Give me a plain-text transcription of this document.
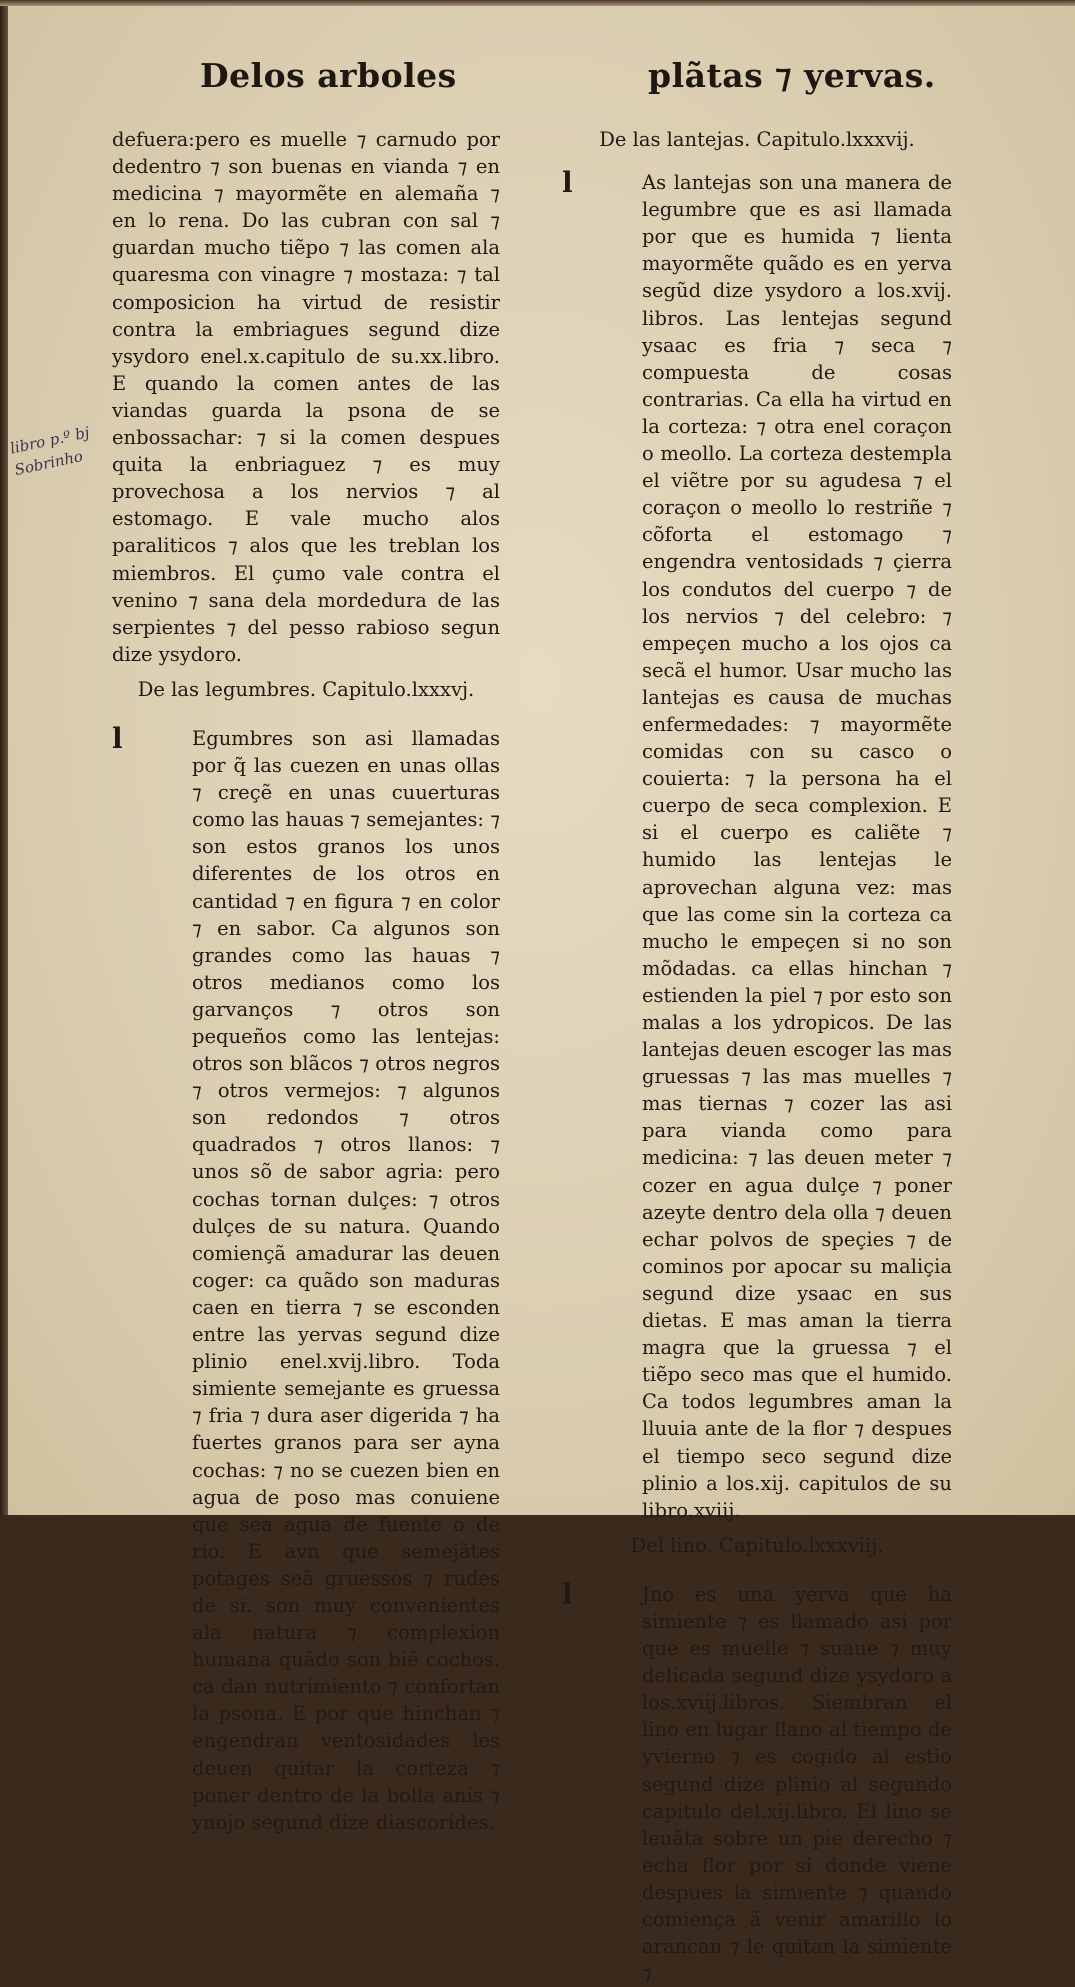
Delos arboles	plãtas ⁊ yervas.
libro p.º bj Sobrinho

defuera:pero es muelle ⁊ carnudo por dedentro ⁊ son buenas en vianda ⁊ en medicina ⁊ mayormẽte en alemaña ⁊ en lo rena. Do las cubran con sal ⁊ guardan mucho tiẽpo ⁊ las comen ala quaresma con vinagre ⁊ mostaza: ⁊ tal composicion ha virtud de resistir contra la embriagues segund dize ysydoro enel.x.capitulo de su.xx.libro. E quando la comen antes de las viandas guarda la psona de se enbossachar: ⁊ si la comen despues quita la enbriaguez ⁊ es muy provechosa a los nervios ⁊ al estomago. E vale mucho alos paraliticos ⁊ alos que les treblan los miembros. El çumo vale contra el venino ⁊ sana dela mordedura de las serpientes ⁊ del pesso rabioso segun dize ysydoro.

De las legumbres. Capitulo.lxxxvj.

l	Egumbres son asi llamadas por q̃ las cuezen en unas ollas ⁊ creçẽ en unas cuuerturas como las hauas ⁊ semejantes: ⁊ son estos granos los unos diferentes de los otros en cantidad ⁊ en figura ⁊ en color ⁊ en sabor. Ca algunos son grandes como las hauas ⁊ otros medianos como los garvanços ⁊ otros son pequeños como las lentejas: otros son blãcos ⁊ otros negros ⁊ otros vermejos: ⁊ algunos son redondos ⁊ otros quadrados ⁊ otros llanos: ⁊ unos sõ de sabor agria: pero cochas tornan dulçes: ⁊ otros dulçes de su natura. Quando comiençã amadurar las deuen coger: ca quãdo son maduras caen en tierra ⁊ se esconden entre las yervas segund dize plinio enel.xvij.libro. Toda simiente semejante es gruessa ⁊ fria ⁊ dura aser digerida ⁊ ha fuertes granos para ser ayna cochas: ⁊ no se cuezen bien en agua de poso mas conuiene que sea agua de fuente o de rio. E avn que semejãtes potages seã gruessos ⁊ rudes de si. son muy convenientes ala natura ⁊ complexion humana quãdo son biẽ cochos. ca dan nutrimiento ⁊ confortan la psona. E por que hinchan ⁊ engendran ventosidades les deuen quitar la corteza ⁊ poner dentro de la bolla anis ⁊ ynojo segund dize diascorides.

De las lantejas. Capitulo.lxxxvij.

l	As lantejas son una manera de legumbre que es asi llamada por que es humida ⁊ lienta mayormẽte quãdo es en yerva segũd dize ysydoro a los.xvij. libros. Las lentejas segund ysaac es fria ⁊ seca ⁊ compuesta de cosas contrarias. Ca ella ha virtud en la corteza: ⁊ otra enel coraçon o meollo. La corteza destempla el viẽtre por su agudesa ⁊ el coraçon o meollo lo restriñe ⁊ cõforta el estomago ⁊ engendra ventosidads ⁊ çierra los condutos del cuerpo ⁊ de los nervios ⁊ del celebro: ⁊ empeçen mucho a los ojos ca secã el humor. Usar mucho las lantejas es causa de muchas enfermedades: ⁊ mayormẽte comidas con su casco o couierta: ⁊ la persona ha el cuerpo de seca complexion. E si el cuerpo es caliẽte ⁊ humido las lentejas le aprovechan alguna vez: mas que las come sin la corteza ca mucho le empeçen si no son mõdadas. ca ellas hinchan ⁊ estienden la piel ⁊ por esto son malas a los ydropicos. De las lantejas deuen escoger las mas gruessas ⁊ las mas muelles ⁊ mas tiernas ⁊ cozer las asi para vianda como para medicina: ⁊ las deuen meter ⁊ cozer en agua dulçe ⁊ poner azeyte dentro dela olla ⁊ deuen echar polvos de speçies ⁊ de cominos por apocar su maliçia segund dize ysaac en sus dietas. E mas aman la tierra magra que la gruessa ⁊ el tiẽpo seco mas que el humido. Ca todos legumbres aman la lluuia ante de la flor ⁊ despues el tiempo seco segund dize plinio a los.xij. capitulos de su libro.xviij.

Del lino. Capitulo.lxxxviij.

l	Jno es una yerva que ha simiente ⁊ es llamado asi por que es muelle ⁊ suaue ⁊ muy delicada segund dize ysydoro a los.xviij.libros. Siembran el lino en lugar llano al tiempo de yvierno ⁊ es cogido al estio segund dize plinio al segundo capitulo del.xij.libro. El lino se leuãta sobre un pie derecho ⁊ echa flor por si donde viene despues la simiente ⁊ quando comiença ã venir amarillo lo arancan ⁊ le quitan la simiente ⁊
